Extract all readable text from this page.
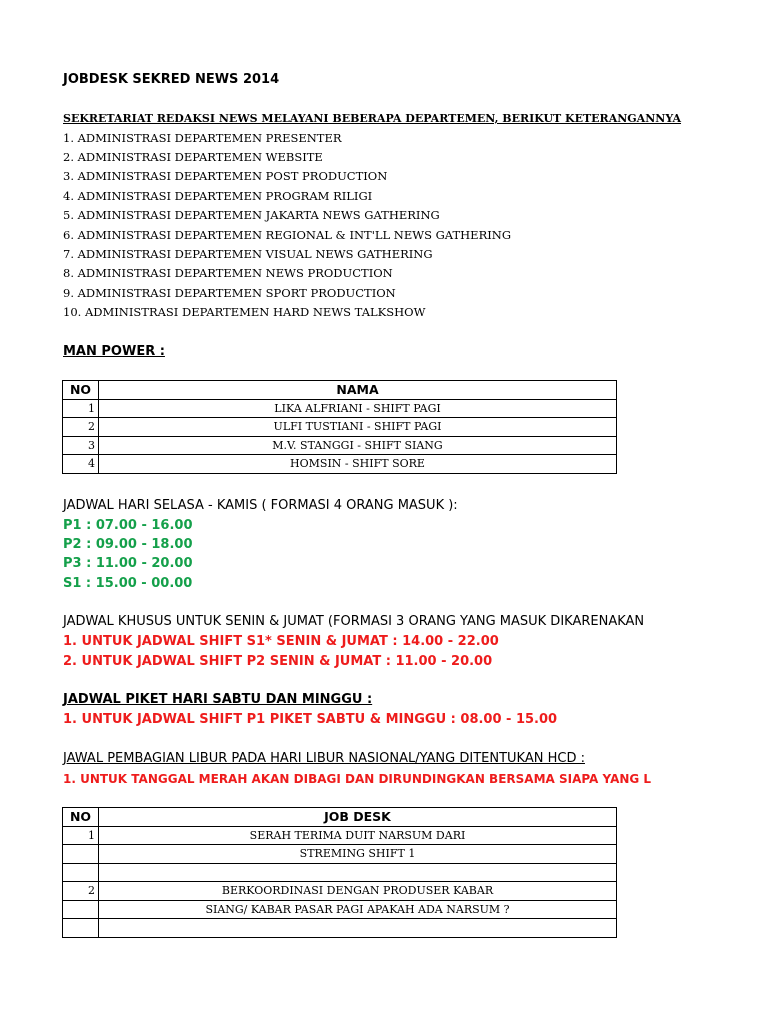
JOBDESK SEKRED NEWS 2014
SEKRETARIAT REDAKSI NEWS MELAYANI BEBERAPA DEPARTEMEN, BERIKUT KETERANGANNYA
1. ADMINISTRASI DEPARTEMEN PRESENTER
2. ADMINISTRASI DEPARTEMEN WEBSITE
3. ADMINISTRASI DEPARTEMEN POST PRODUCTION
4. ADMINISTRASI DEPARTEMEN PROGRAM RILIGI
5. ADMINISTRASI DEPARTEMEN JAKARTA NEWS GATHERING
6. ADMINISTRASI DEPARTEMEN REGIONAL & INT'LL NEWS GATHERING
7. ADMINISTRASI DEPARTEMEN VISUAL NEWS GATHERING
8. ADMINISTRASI DEPARTEMEN NEWS PRODUCTION
9. ADMINISTRASI DEPARTEMEN SPORT PRODUCTION
10. ADMINISTRASI DEPARTEMEN HARD NEWS TALKSHOW
MAN POWER :
NO	NAMA
1	LIKA ALFRIANI - SHIFT PAGI
2	ULFI TUSTIANI - SHIFT PAGI
3	M.V. STANGGI - SHIFT SIANG
4	HOMSIN - SHIFT SORE
JADWAL HARI SELASA - KAMIS ( FORMASI 4 ORANG MASUK ):
P1 : 07.00 - 16.00
P2 : 09.00 - 18.00
P3 : 11.00 - 20.00
S1 : 15.00 - 00.00
JADWAL KHUSUS UNTUK SENIN & JUMAT (FORMASI 3 ORANG YANG MASUK DIKARENAKAN
1. UNTUK JADWAL SHIFT S1* SENIN & JUMAT : 14.00 - 22.00
2. UNTUK JADWAL SHIFT P2 SENIN & JUMAT : 11.00 - 20.00
JADWAL PIKET HARI SABTU DAN MINGGU :
1. UNTUK JADWAL SHIFT P1 PIKET SABTU & MINGGU : 08.00 - 15.00
JAWAL PEMBAGIAN LIBUR PADA HARI LIBUR NASIONAL/YANG DITENTUKAN HCD :
1. UNTUK TANGGAL MERAH AKAN DIBAGI DAN DIRUNDINGKAN BERSAMA SIAPA YANG L
NO	JOB DESK
1	SERAH TERIMA DUIT NARSUM DARI
	STREMING SHIFT 1

2	BERKOORDINASI DENGAN PRODUSER KABAR
	SIANG/ KABAR PASAR PAGI APAKAH ADA NARSUM ?
